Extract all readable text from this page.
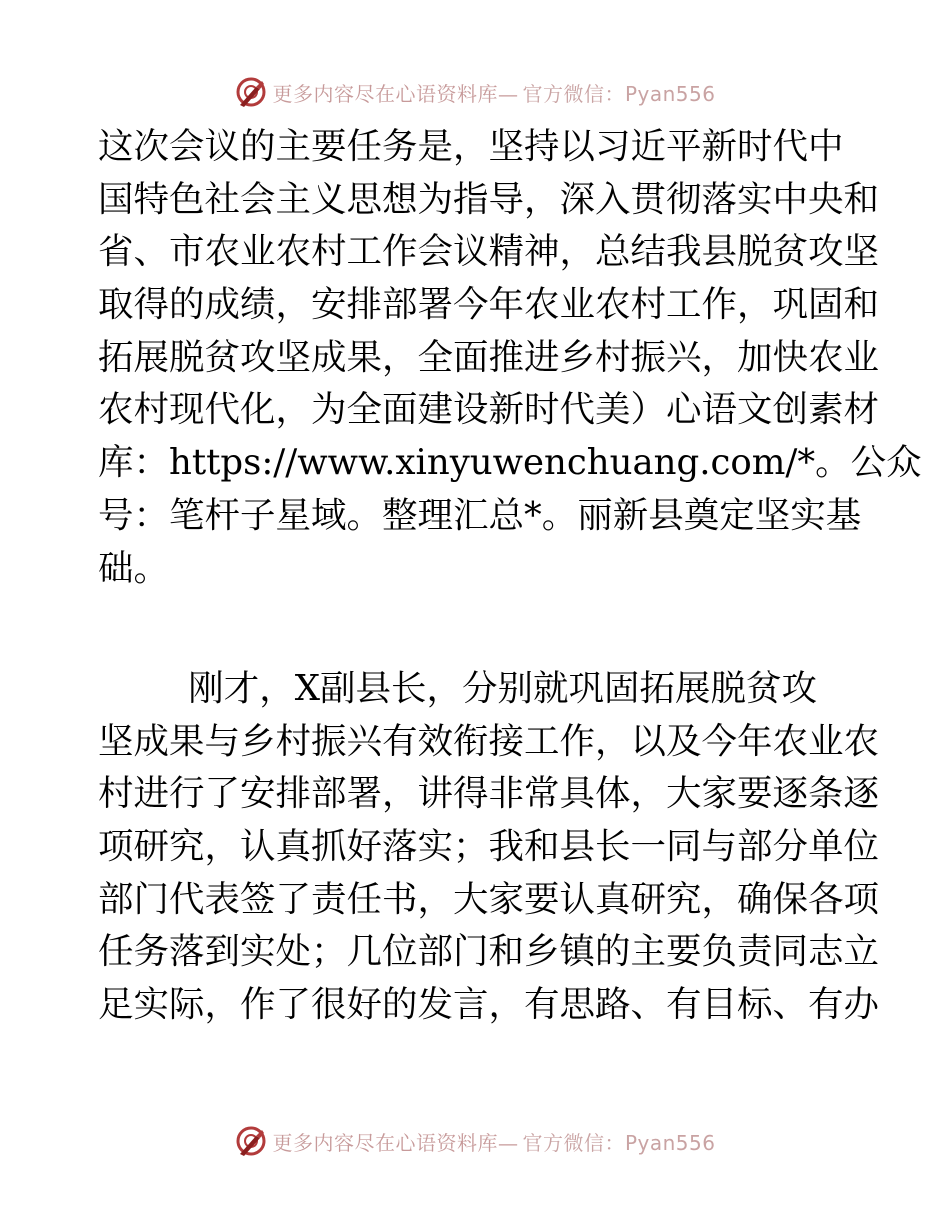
更多内容尽在心语资料库— 官方微信：Pyan556
这次会议的主要任务是，坚持以习近平新时代中
国特色社会主义思想为指导，深入贯彻落实中央和
省、市农业农村工作会议精神，总结我县脱贫攻坚
取得的成绩，安排部署今年农业农村工作，巩固和
拓展脱贫攻坚成果，全面推进乡村振兴，加快农业
农村现代化，为全面建设新时代美）心语文创素材
库：https://www.xinyuwenchuang.com/*。公众
号：笔杆子星域。整理汇总*。丽新县奠定坚实基
础。
刚才，X副县长，分别就巩固拓展脱贫攻
坚成果与乡村振兴有效衔接工作，以及今年农业农
村进行了安排部署，讲得非常具体，大家要逐条逐
项研究，认真抓好落实；我和县长一同与部分单位
部门代表签了责任书，大家要认真研究，确保各项
任务落到实处；几位部门和乡镇的主要负责同志立
足实际，作了很好的发言，有思路、有目标、有办
更多内容尽在心语资料库— 官方微信：Pyan556
